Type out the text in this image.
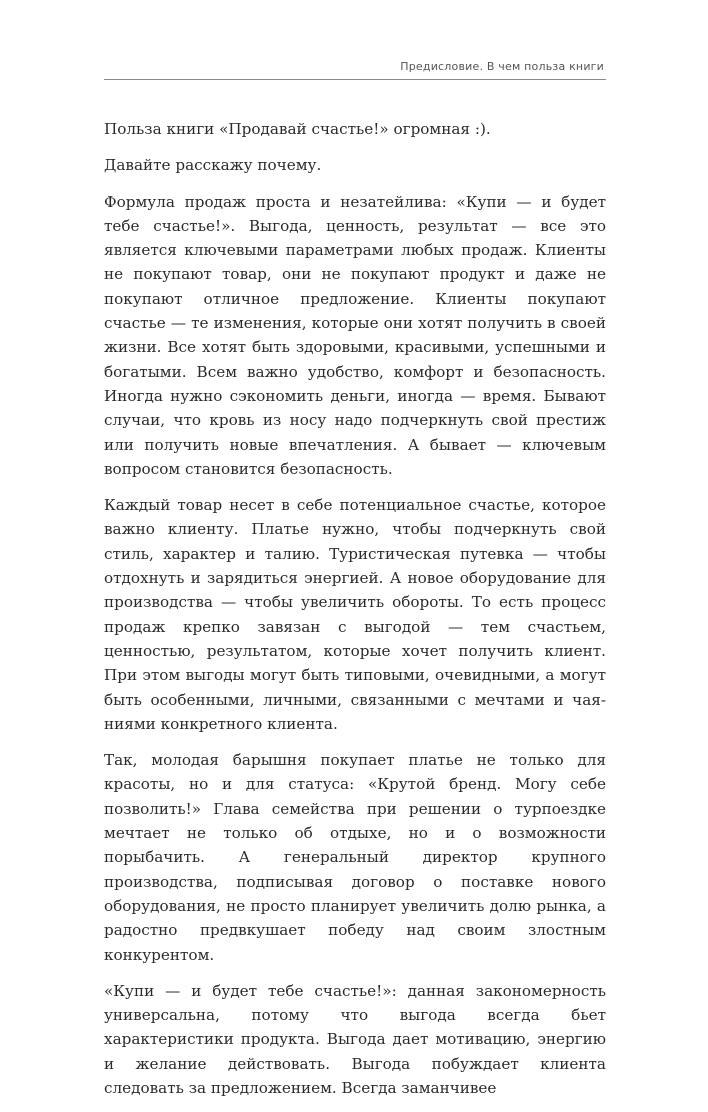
Предисловие. В чем польза книги

Польза книги «Продавай счастье!» огромная :).

Давайте расскажу почему.

Формула продаж проста и незатейлива: «Купи — и будет тебе счастье!». Выгода, ценность, результат — все это является ключевыми параметрами любых продаж. Клиенты не покупают товар, они не покупают продукт и даже не покупают отличное предложение. Клиенты покупают счастье — те изменения, которые они хотят получить в своей жизни. Все хотят быть здоровыми, красивыми, успешными и богатыми. Всем важно удобство, комфорт и безопасность. Иногда нужно сэкономить деньги, иногда — время. Бывают случаи, что кровь из носу надо подчеркнуть свой престиж или получить новые впечатления. А бывает — ключевым вопросом становится безопасность.

Каждый товар несет в себе потенциальное счастье, которое важно клиенту. Платье нужно, чтобы подчеркнуть свой стиль, характер и талию. Туристическая путевка — чтобы отдохнуть и зарядиться энергией. А новое оборудование для производства — чтобы увеличить обороты. То есть процесс продаж крепко завязан с выгодой — тем счастьем, ценностью, результатом, которые хочет получить клиент. При этом выгоды могут быть типовыми, очевидными, а могут быть особенными, личными, связанными с мечтами и чаяниями конкретного клиента.

Так, молодая барышня покупает платье не только для красоты, но и для статуса: «Крутой бренд. Могу себе позволить!» Глава семейства при решении о турпоездке мечтает не только об отдыхе, но и о возможности порыбачить. А генеральный директор крупного производства, подписывая договор о поставке нового оборудования, не просто планирует увеличить долю рынка, а радостно предвкушает победу над своим злостным конкурентом.

«Купи — и будет тебе счастье!»: данная закономерность универсальна, потому что выгода всегда бьет характеристики продукта. Выгода дает мотивацию, энергию и желание действовать. Выгода побуждает клиента следовать за предложением. Всегда заманчивее
